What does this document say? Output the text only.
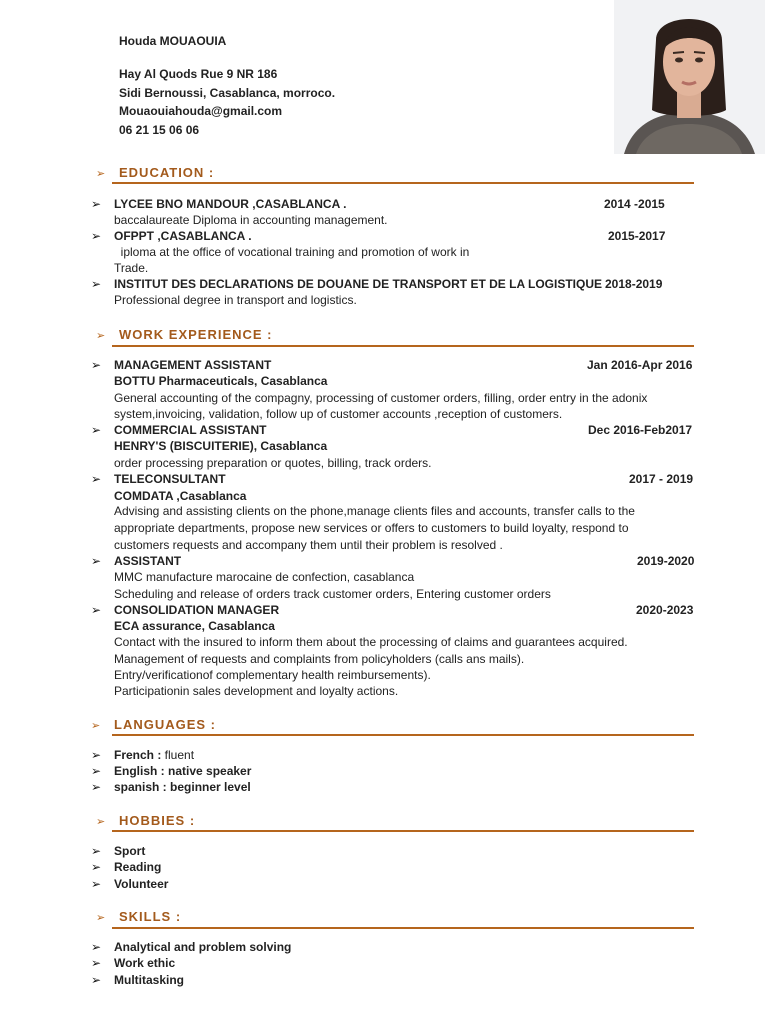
Houda MOUAOUIA
Hay Al Quods Rue 9 NR 186
Sidi Bernoussi, Casablanca, morroco.
Mouaouiahouda@gmail.com
06 21 15 06 06
➢ EDUCATION :
➢ LYCEE BNO MANDOUR ,CASABLANCA .	2014 -2015
baccalaureate Diploma in accounting management.
➢ OFPPT ,CASABLANCA .	2015-2017
iploma at the office of vocational training and promotion of work in
Trade.
➢ INSTITUT DES DECLARATIONS DE DOUANE DE TRANSPORT ET DE LA LOGISTIQUE 2018-2019
Professional degree in transport and logistics.
➢ WORK EXPERIENCE :
➢ MANAGEMENT ASSISTANT	Jan 2016-Apr 2016
BOTTU Pharmaceuticals, Casablanca
General accounting of the compagny, processing of customer orders, filling, order entry in the adonix
system,invoicing, validation, follow up of customer accounts ,reception of customers.
➢ COMMERCIAL ASSISTANT	Dec 2016-Feb2017
HENRY'S (BISCUITERIE), Casablanca
order processing preparation or quotes, billing, track orders.
➢ TELECONSULTANT	2017 - 2019
COMDATA ,Casablanca
Advising and assisting clients on the phone,manage clients files and accounts, transfer calls to the
appropriate departments, propose new services or offers to customers to build loyalty, respond to
customers requests and accompany them until their problem is resolved .
➢ ASSISTANT	2019-2020
MMC manufacture marocaine de confection, casablanca
Scheduling and release of orders track customer orders, Entering customer orders
➢ CONSOLIDATION MANAGER	2020-2023
ECA assurance, Casablanca
Contact with the insured to inform them about the processing of claims and guarantees acquired.
Management of requests and complaints from policyholders (calls ans mails).
Entry/verificationof complementary health reimbursements).
Participationin sales development and loyalty actions.
➢ LANGUAGES :
➢ French : fluent
➢ English : native speaker
➢ spanish : beginner level
➢ HOBBIES :
➢ Sport
➢ Reading
➢ Volunteer
➢ SKILLS :
➢ Analytical and problem solving
➢ Work ethic
➢ Multitasking
